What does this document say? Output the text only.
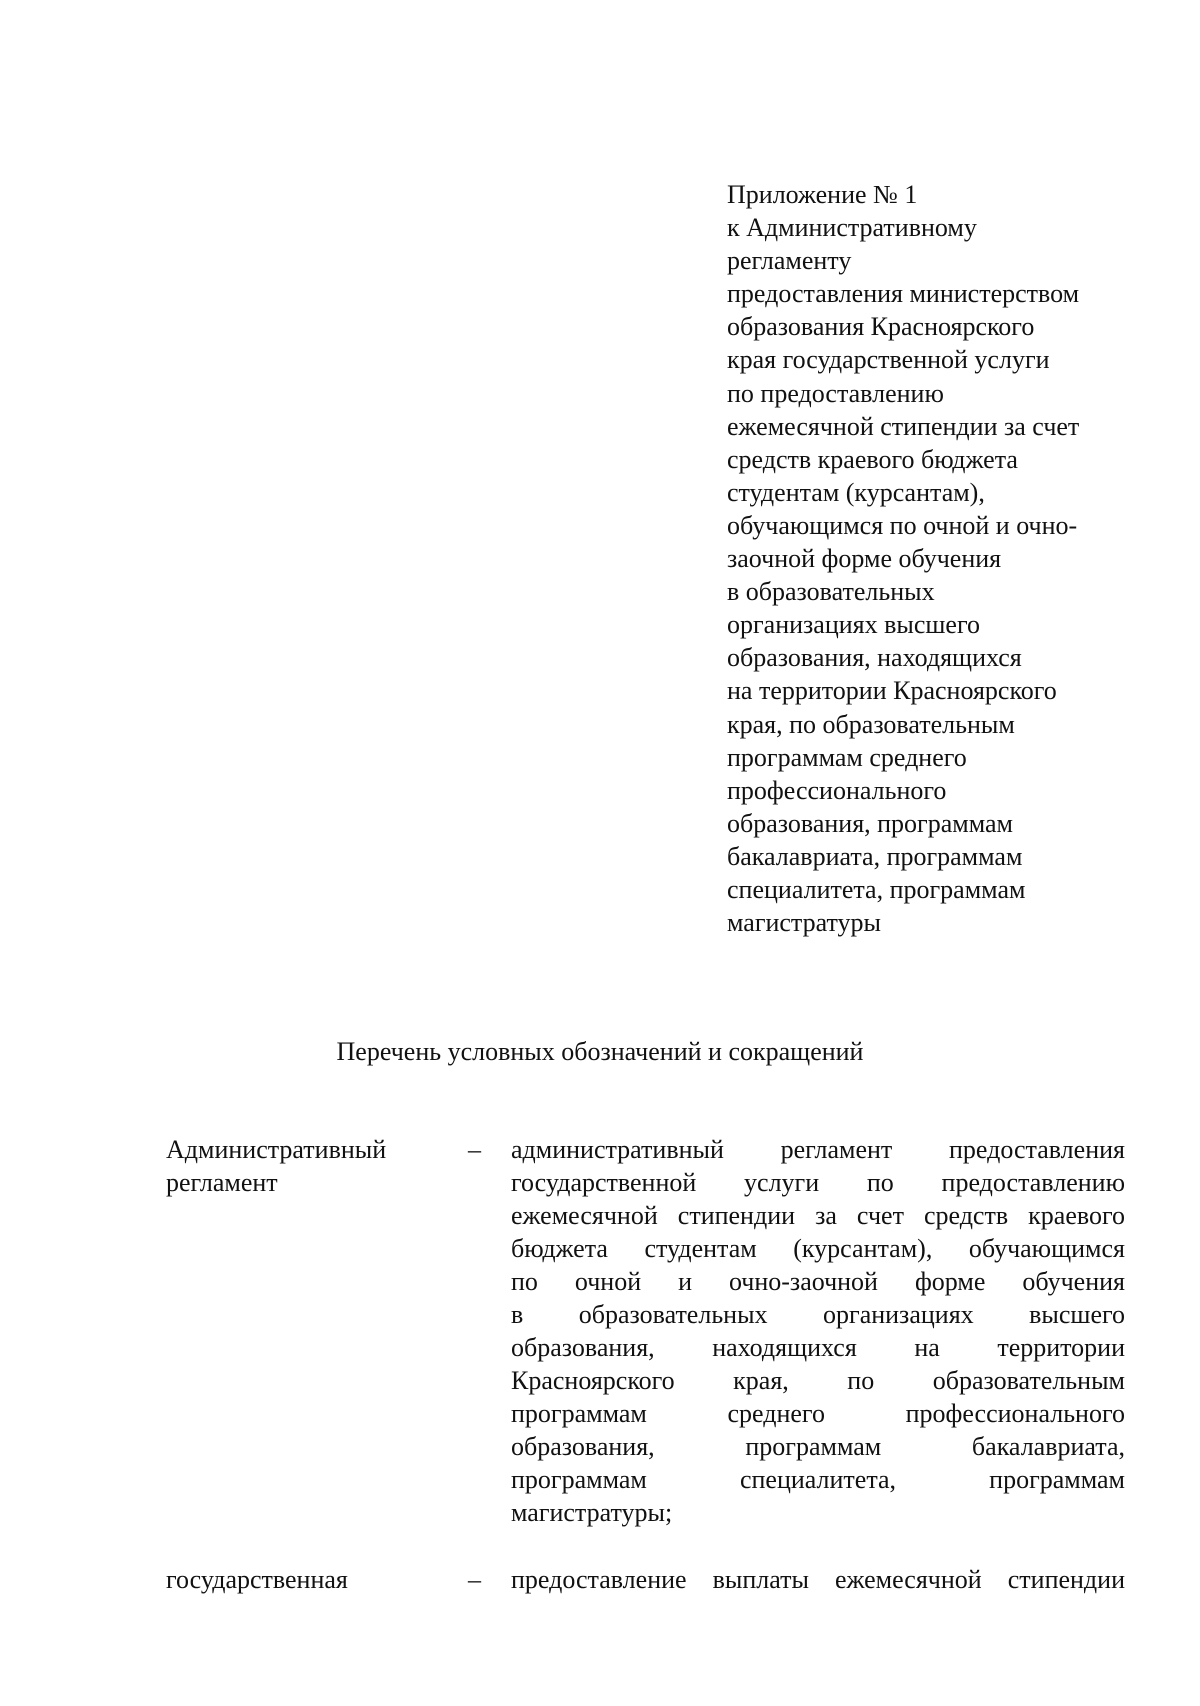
Приложение № 1
к Административному
регламенту
предоставления министерством
образования Красноярского
края государственной услуги
по предоставлению
ежемесячной стипендии за счет
средств краевого бюджета
студентам (курсантам),
обучающимся по очной и очно-
заочной форме обучения
в образовательных
организациях высшего
образования, находящихся
на территории Красноярского
края, по образовательным
программам среднего
профессионального
образования, программам
бакалавриата, программам
специалитета, программам
магистратуры
Перечень условных обозначений и сокращений
Административный
регламент
– административный регламент предоставления
государственной услуги по предоставлению
ежемесячной стипендии за счет средств краевого
бюджета студентам (курсантам), обучающимся
по очной и очно-заочной форме обучения
в образовательных организациях высшего
образования, находящихся на территории
Красноярского края, по образовательным
программам среднего профессионального
образования, программам бакалавриата,
программам специалитета, программам
магистратуры;
государственная	– предоставление выплаты ежемесячной стипендии
